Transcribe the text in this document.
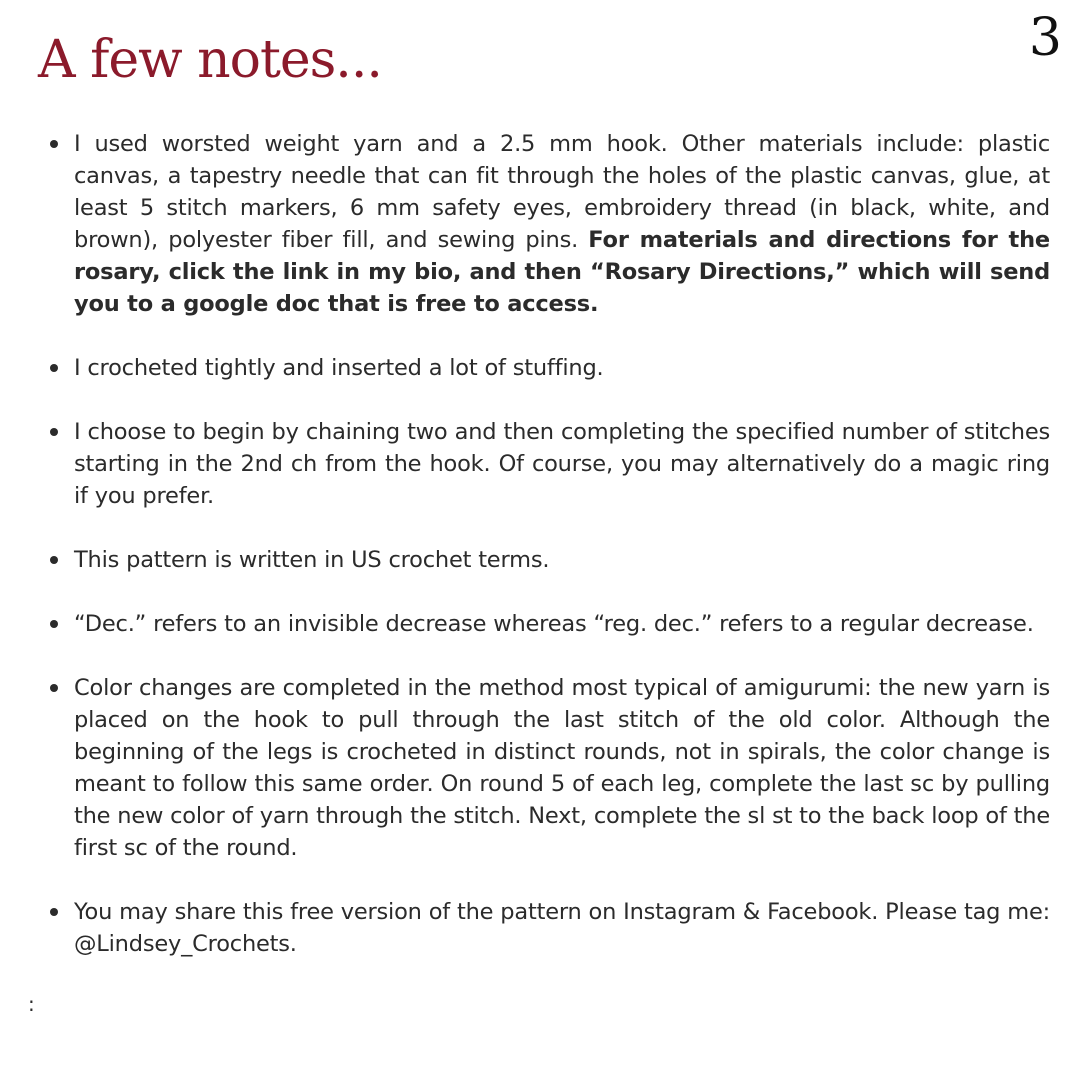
3
A few notes...
I used worsted weight yarn and a 2.5 mm hook. Other materials include: plastic canvas, a tapestry needle that can fit through the holes of the plastic canvas, glue, at least 5 stitch markers, 6 mm safety eyes, embroidery thread (in black, white, and brown), polyester fiber fill, and sewing pins. For materials and directions for the rosary, click the link in my bio, and then “Rosary Directions,” which will send you to a google doc that is free to access.
I crocheted tightly and inserted a lot of stuffing.
I choose to begin by chaining two and then completing the specified number of stitches starting in the 2nd ch from the hook. Of course, you may alternatively do a magic ring if you prefer.
This pattern is written in US crochet terms.
“Dec.” refers to an invisible decrease whereas “reg. dec.” refers to a regular decrease.
Color changes are completed in the method most typical of amigurumi: the new yarn is placed on the hook to pull through the last stitch of the old color. Although the beginning of the legs is crocheted in distinct rounds, not in spirals, the color change is meant to follow this same order. On round 5 of each leg, complete the last sc by pulling the new color of yarn through the stitch. Next, complete the sl st to the back loop of the first sc of the round.
You may share this free version of the pattern on Instagram & Facebook. Please tag me: @Lindsey_Crochets.
:
